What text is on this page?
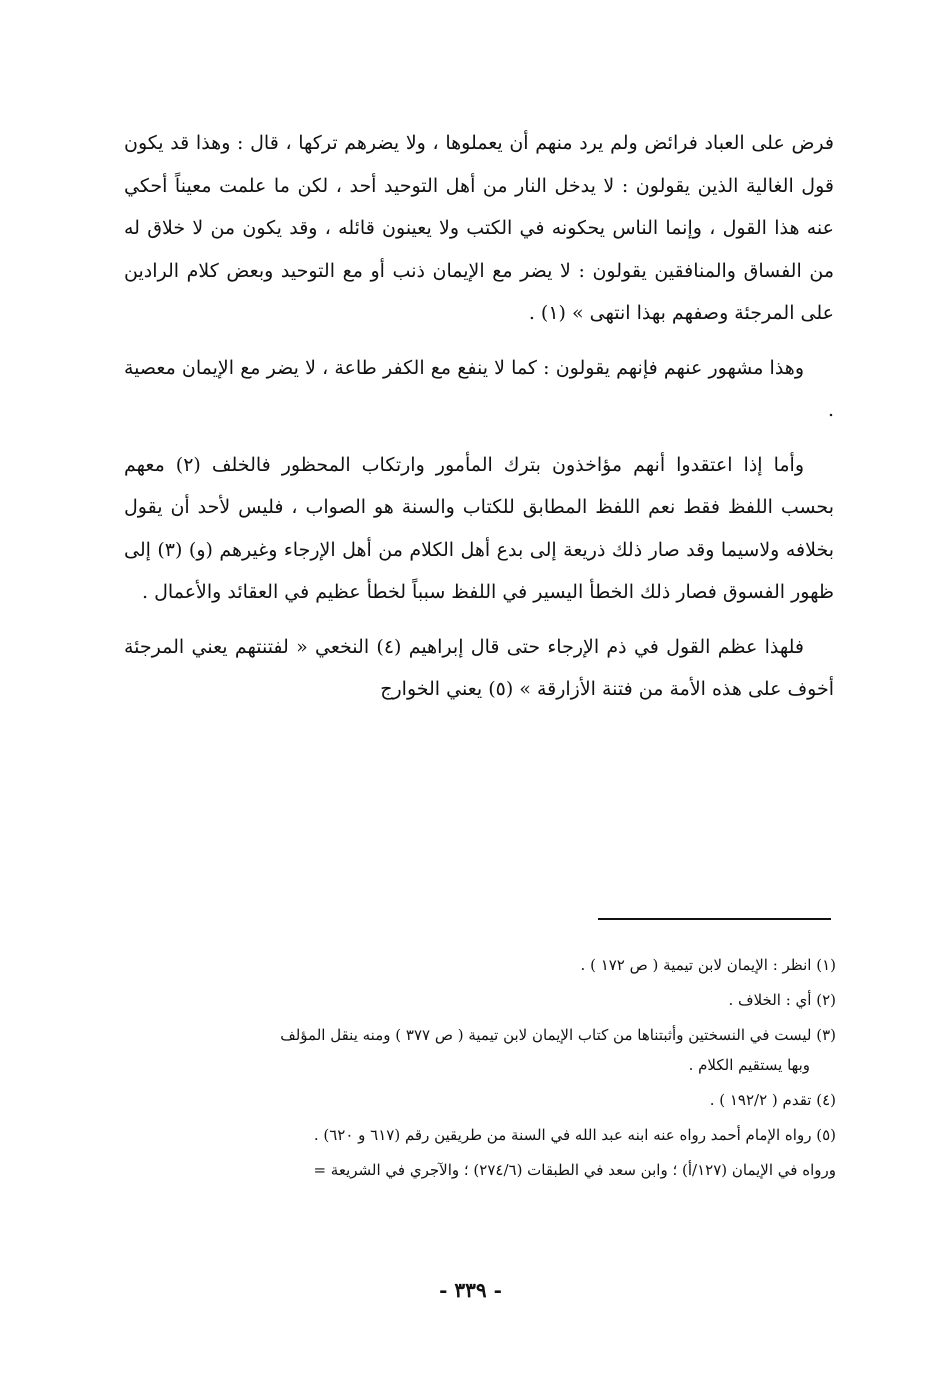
فرض على العباد فرائض ولم يرد منهم أن يعملوها ، ولا يضرهم تركها ، قال : وهذا قد يكون قول الغالية الذين يقولون : لا يدخل النار من أهل التوحيد أحد ، لكن ما علمت معيناً أحكي عنه هذا القول ، وإنما الناس يحكونه في الكتب ولا يعينون قائله ، وقد يكون من لا خلاق له من الفساق والمنافقين يقولون : لا يضر مع الإيمان ذنب أو مع التوحيد وبعض كلام الرادين على المرجئة وصفهم بهذا انتهى » (١) .

وهذا مشهور عنهم فإنهم يقولون : كما لا ينفع مع الكفر طاعة ، لا يضر مع الإيمان معصية .

وأما إذا اعتقدوا أنهم مؤاخذون بترك المأمور وارتكاب المحظور فالخلف (٢) معهم بحسب اللفظ فقط نعم اللفظ المطابق للكتاب والسنة هو الصواب ، فليس لأحد أن يقول بخلافه ولاسيما وقد صار ذلك ذريعة إلى بدع أهل الكلام من أهل الإرجاء وغيرهم (و) (٣) إلى ظهور الفسوق فصار ذلك الخطأ اليسير في اللفظ سبباً لخطأ عظيم في العقائد والأعمال .

فلهذا عظم القول في ذم الإرجاء حتى قال إبراهيم (٤) النخعي « لفتنتهم يعني المرجئة أخوف على هذه الأمة من فتنة الأزارقة » (٥) يعني الخوارج

(١) انظر : الإيمان لابن تيمية ( ص ١٧٢ ) .

(٢) أي : الخلاف .

(٣) ليست في النسختين وأثبتناها من كتاب الإيمان لابن تيمية ( ص ٣٧٧ ) ومنه ينقل المؤلف

وبها يستقيم الكلام .

(٤) تقدم ( ١٩٢/٢ ) .

(٥) رواه الإمام أحمد رواه عنه ابنه عبد الله في السنة من طريقين رقم (٦١٧ و ٦٢٠) .

ورواه في الإيمان (١٢٧/أ) ؛ وابن سعد في الطبقات (٢٧٤/٦) ؛ والآجري في الشريعة =

- ٣٣٩ -
